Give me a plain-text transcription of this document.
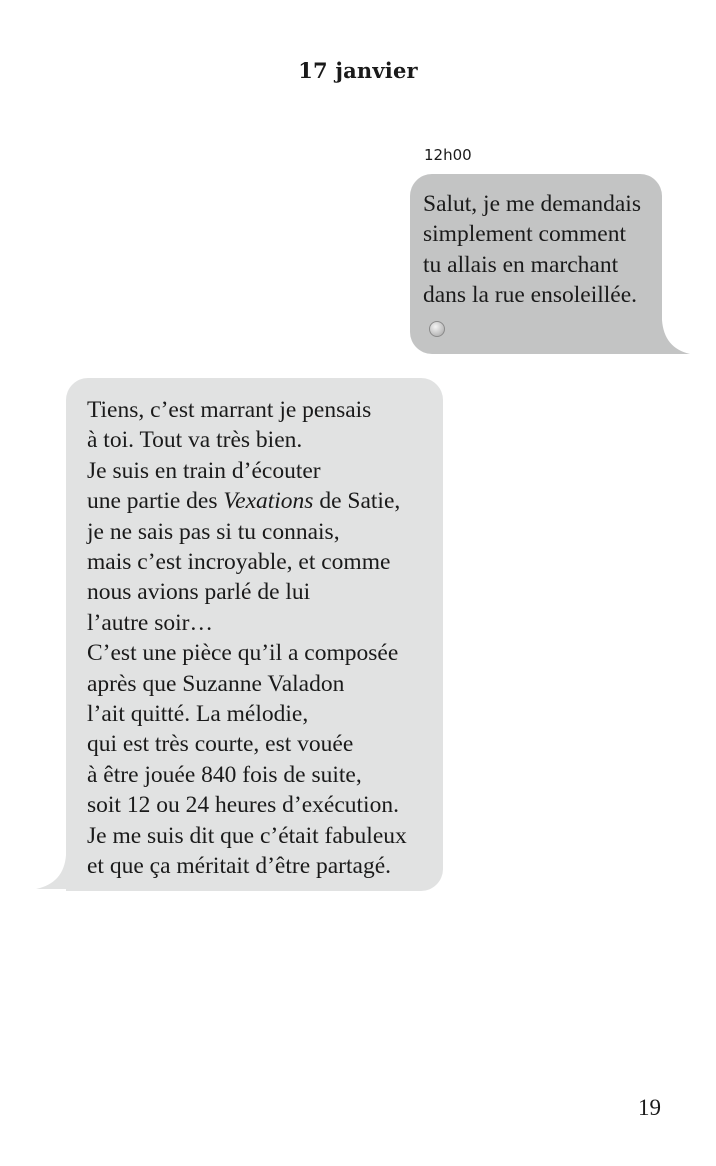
17 janvier
12h00
Salut, je me demandais
simplement comment
tu allais en marchant
dans la rue ensoleillée.
Tiens, c’est marrant je pensais
à toi. Tout va très bien.
Je suis en train d’écouter
une partie des Vexations de Satie,
je ne sais pas si tu connais,
mais c’est incroyable, et comme
nous avions parlé de lui
l’autre soir…
C’est une pièce qu’il a composée
après que Suzanne Valadon
l’ait quitté. La mélodie,
qui est très courte, est vouée
à être jouée 840 fois de suite,
soit 12 ou 24 heures d’exécution.
Je me suis dit que c’était fabuleux
et que ça méritait d’être partagé.
19
